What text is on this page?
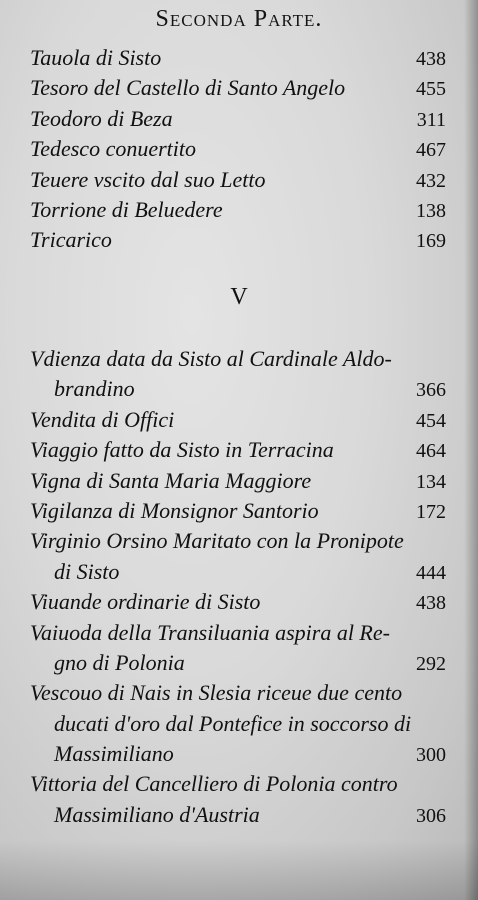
Seconda Parte.
Tauola di Sisto	438
Tesoro del Castello di Santo Angelo	455
Teodoro di Beza	311
Tedesco conuertito	467
Teuere vscito dal suo Letto	432
Torrione di Beluedere	138
Tricarico	169
V
Vdienza data da Sisto al Cardinale Aldo-
brandino	366
Vendita di Offici	454
Viaggio fatto da Sisto in Terracina	464
Vigna di Santa Maria Maggiore	134
Vigilanza di Monsignor Santorio	172
Virginio Orsino Maritato con la Pronipote
di Sisto	444
Viuande ordinarie di Sisto	438
Vaiuoda della Transiluania aspira al Re-
gno di Polonia	292
Vescouo di Nais in Slesia riceue due cento
ducati d'oro dal Pontefice in soccorso di
Massimiliano	300
Vittoria del Cancelliero di Polonia contro
Massimiliano d'Austria	306
